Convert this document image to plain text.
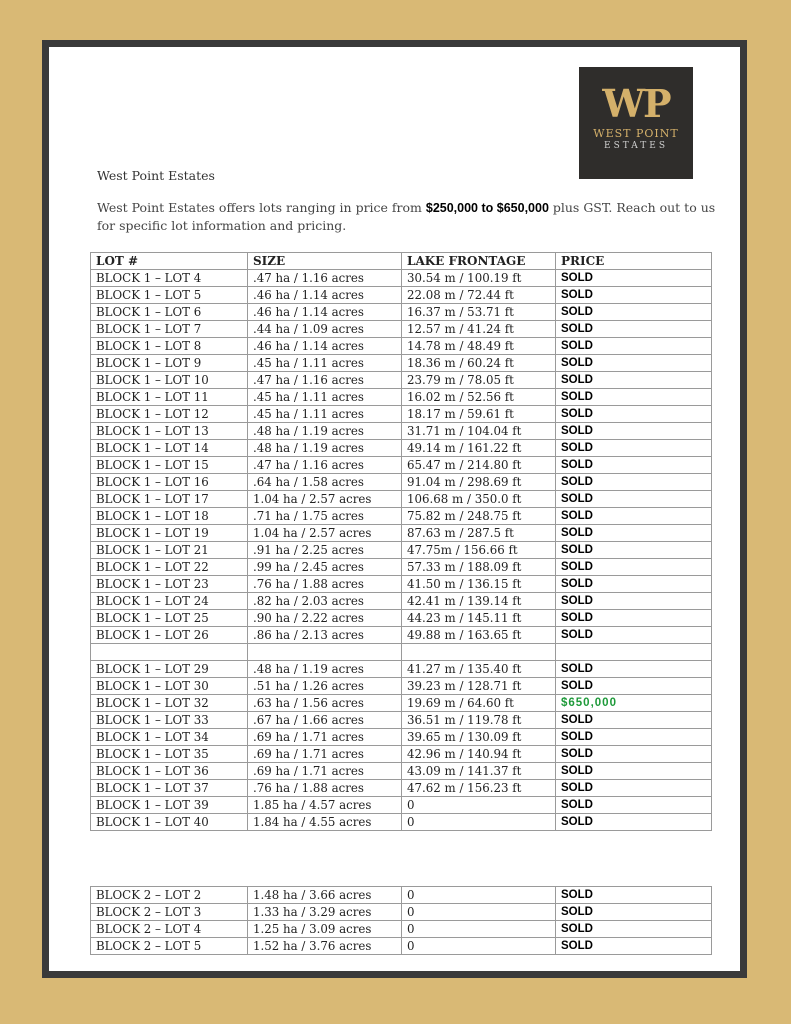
WP
WEST POINT
ESTATES
West Point Estates
West Point Estates offers lots ranging in price from $250,000 to $650,000 plus GST. Reach out to us for specific lot information and pricing.
LOT #	SIZE	LAKE FRONTAGE	PRICE
BLOCK 1 – LOT 4	.47 ha / 1.16 acres	30.54 m / 100.19 ft	SOLD
BLOCK 1 – LOT 5	.46 ha / 1.14 acres	22.08 m / 72.44 ft	SOLD
BLOCK 1 – LOT 6	.46 ha / 1.14 acres	16.37 m / 53.71 ft	SOLD
BLOCK 1 – LOT 7	.44 ha / 1.09 acres	12.57 m / 41.24 ft	SOLD
BLOCK 1 – LOT 8	.46 ha / 1.14 acres	14.78 m / 48.49 ft	SOLD
BLOCK 1 – LOT 9	.45 ha / 1.11 acres	18.36 m / 60.24 ft	SOLD
BLOCK 1 – LOT 10	.47 ha / 1.16 acres	23.79 m / 78.05 ft	SOLD
BLOCK 1 – LOT 11	.45 ha / 1.11 acres	16.02 m / 52.56 ft	SOLD
BLOCK 1 – LOT 12	.45 ha / 1.11 acres	18.17 m / 59.61 ft	SOLD
BLOCK 1 – LOT 13	.48 ha / 1.19 acres	31.71 m / 104.04 ft	SOLD
BLOCK 1 – LOT 14	.48 ha / 1.19 acres	49.14 m / 161.22 ft	SOLD
BLOCK 1 – LOT 15	.47 ha / 1.16 acres	65.47 m / 214.80 ft	SOLD
BLOCK 1 – LOT 16	.64 ha / 1.58 acres	91.04 m / 298.69 ft	SOLD
BLOCK 1 – LOT 17	1.04 ha / 2.57 acres	106.68 m / 350.0 ft	SOLD
BLOCK 1 – LOT 18	.71 ha / 1.75 acres	75.82 m / 248.75 ft	SOLD
BLOCK 1 – LOT 19	1.04 ha / 2.57 acres	87.63 m / 287.5 ft	SOLD
BLOCK 1 – LOT 21	.91 ha / 2.25 acres	47.75m / 156.66 ft	SOLD
BLOCK 1 – LOT 22	.99 ha / 2.45 acres	57.33 m / 188.09 ft	SOLD
BLOCK 1 – LOT 23	.76 ha / 1.88 acres	41.50 m / 136.15 ft	SOLD
BLOCK 1 – LOT 24	.82 ha / 2.03 acres	42.41 m / 139.14 ft	SOLD
BLOCK 1 – LOT 25	.90 ha / 2.22 acres	44.23 m / 145.11 ft	SOLD
BLOCK 1 – LOT 26	.86 ha / 2.13 acres	49.88 m / 163.65 ft	SOLD

BLOCK 1 – LOT 29	.48 ha / 1.19 acres	41.27 m / 135.40 ft	SOLD
BLOCK 1 – LOT 30	.51 ha / 1.26 acres	39.23 m / 128.71 ft	SOLD
BLOCK 1 – LOT 32	.63 ha / 1.56 acres	19.69 m / 64.60 ft	$650,000
BLOCK 1 – LOT 33	.67 ha / 1.66 acres	36.51 m / 119.78 ft	SOLD
BLOCK 1 – LOT 34	.69 ha / 1.71 acres	39.65 m / 130.09 ft	SOLD
BLOCK 1 – LOT 35	.69 ha / 1.71 acres	42.96 m / 140.94 ft	SOLD
BLOCK 1 – LOT 36	.69 ha / 1.71 acres	43.09 m / 141.37 ft	SOLD
BLOCK 1 – LOT 37	.76 ha / 1.88 acres	47.62 m / 156.23 ft	SOLD
BLOCK 1 – LOT 39	1.85 ha / 4.57 acres	0	SOLD
BLOCK 1 – LOT 40	1.84 ha / 4.55 acres	0	SOLD
BLOCK 2 – LOT 2	1.48 ha / 3.66 acres	0	SOLD
BLOCK 2 – LOT 3	1.33 ha / 3.29 acres	0	SOLD
BLOCK 2 – LOT 4	1.25 ha / 3.09 acres	0	SOLD
BLOCK 2 – LOT 5	1.52 ha / 3.76 acres	0	SOLD
